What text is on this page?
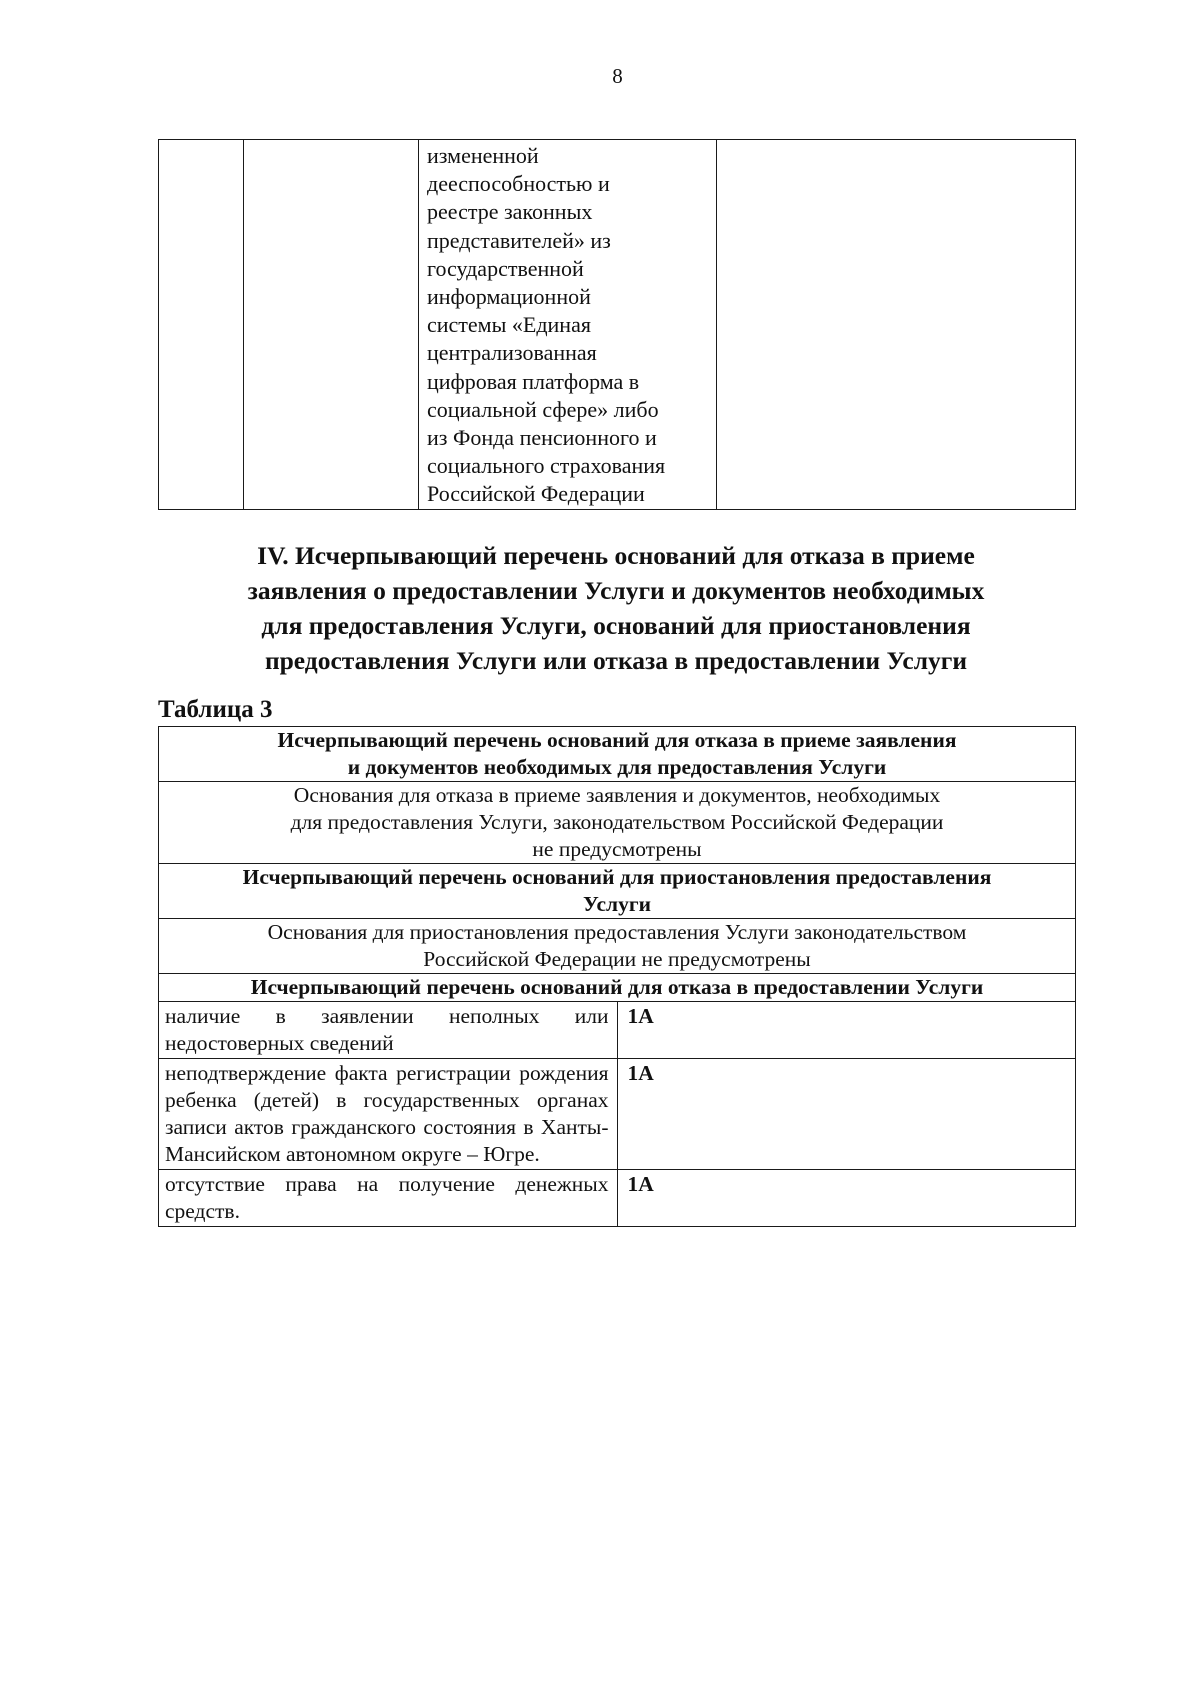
8
		измененной
дееспособностью и
реестре законных
представителей» из
государственной
информационной
системы «Единая
централизованная
цифровая платформа в
социальной сфере» либо
из Фонда пенсионного и
социального страхования
Российской Федерации	
IV. Исчерпывающий перечень оснований для отказа в приеме
заявления о предоставлении Услуги и документов необходимых
для предоставления Услуги, оснований для приостановления
предоставления Услуги или отказа в предоставлении Услуги

Таблица 3

Исчерпывающий перечень оснований для отказа в приеме заявления
и документов необходимых для предоставления Услуги	

Основания для отказа в приеме заявления и документов, необходимых
для предоставления Услуги, законодательством Российской Федерации
не предусмотрены	

Исчерпывающий перечень оснований для приостановления предоставления
Услуги	

Основания для приостановления предоставления Услуги законодательством
Российской Федерации не предусмотрены	

Исчерпывающий перечень оснований для отказа в предоставлении Услуги	
наличие в заявлении неполных или недостоверных сведений	1А
неподтверждение факта регистрации рождения ребенка (детей) в государственных органах записи актов гражданского состояния в Ханты-Мансийском автономном округе – Югре.	1А
отсутствие права на получение денежных средств.	1А
